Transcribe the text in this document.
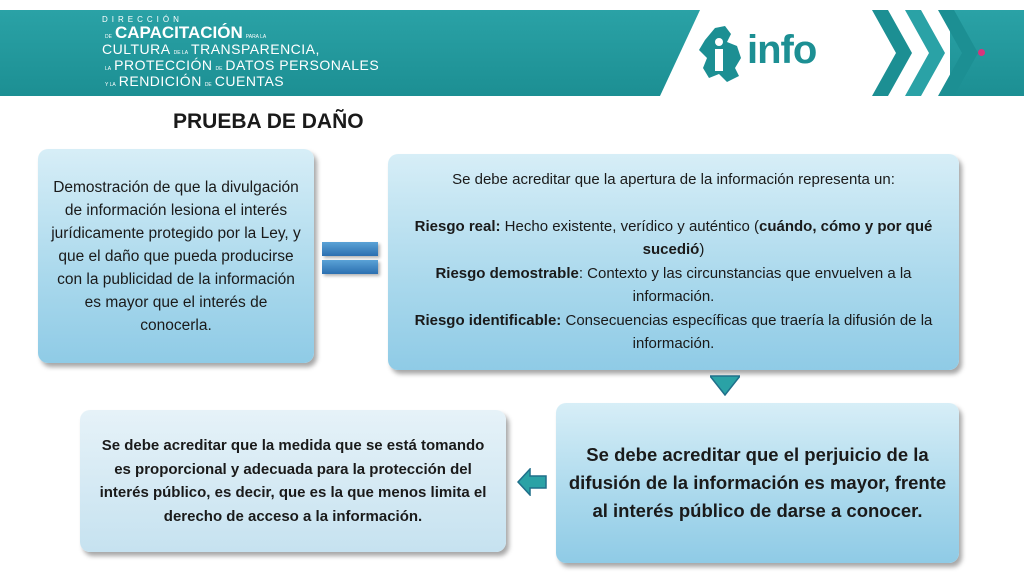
DIRECCIÓN
DE CAPACITACIÓN PARA LA
CULTURA DE LA TRANSPARENCIA,
LA PROTECCIÓN DE DATOS PERSONALES
Y LA RENDICIÓN DE CUENTAS
info
PRUEBA DE DAÑO
Demostración de que la divulgación de información lesiona el interés jurídicamente protegido por la Ley, y que el daño que pueda producirse con la publicidad de la información es mayor que el interés de conocerla.
Se debe acreditar que la apertura de la información representa un:
Riesgo real: Hecho existente, verídico y auténtico (cuándo, cómo y por qué sucedió)
Riesgo demostrable: Contexto y las circunstancias que envuelven a la información.
Riesgo identificable: Consecuencias específicas que traería la difusión de la información.
Se debe acreditar que el perjuicio de la difusión de la información es mayor, frente al interés público de darse a conocer.
Se debe acreditar que la medida que se está tomando es proporcional y adecuada para la protección del interés público, es decir, que es la que menos limita el derecho de acceso a la información.
